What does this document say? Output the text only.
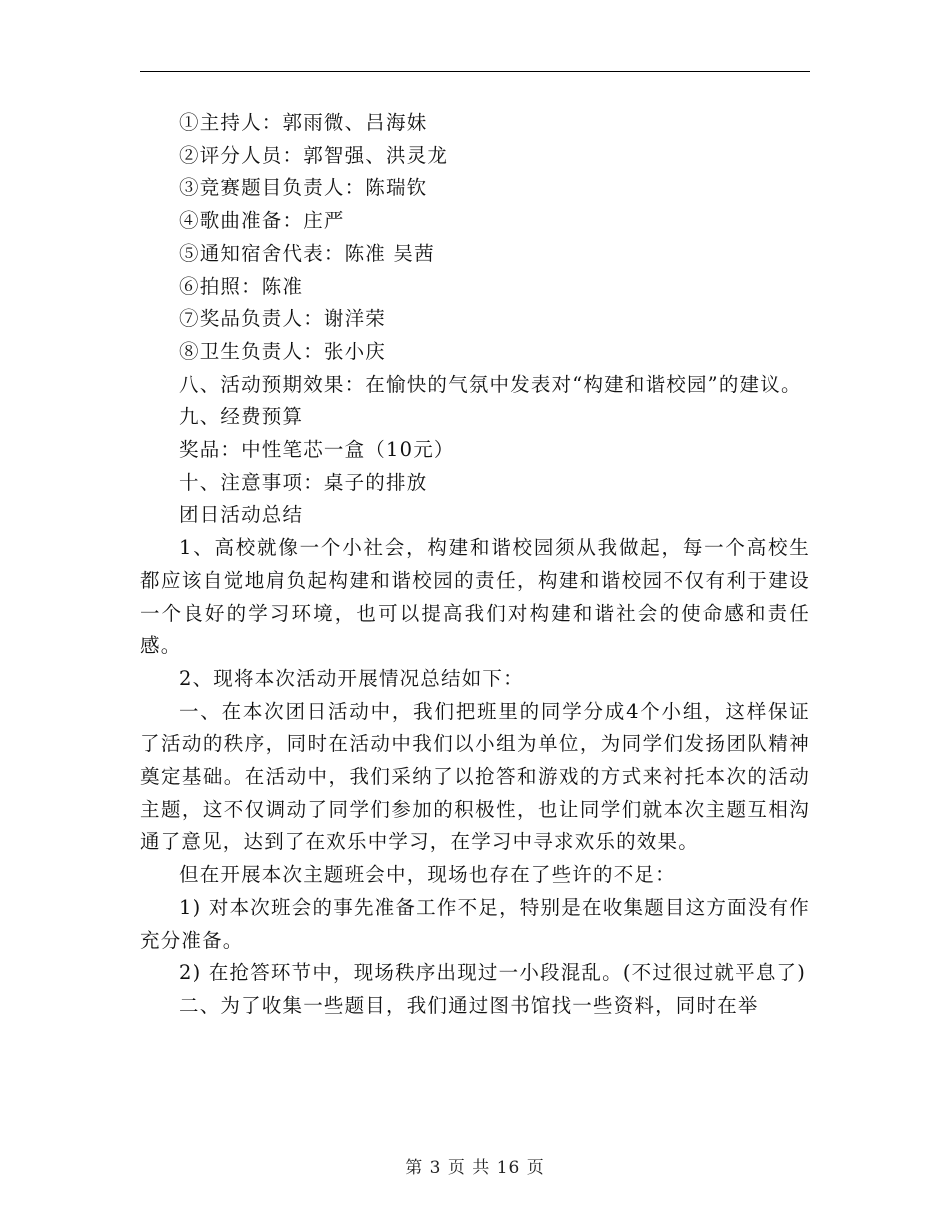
①主持人：郭雨微、吕海妹

②评分人员：郭智强、洪灵龙

③竞赛题目负责人：陈瑞钦

④歌曲准备：庄严

⑤通知宿舍代表：陈准 吴茜

⑥拍照：陈准

⑦奖品负责人：谢洋荣

⑧卫生负责人：张小庆

八、活动预期效果：在愉快的气氛中发表对“构建和谐校园”的建议。

九、经费预算

奖品：中性笔芯一盒（10元）

十、注意事项：桌子的排放

团日活动总结

1、高校就像一个小社会，构建和谐校园须从我做起，每一个高校生都应该自觉地肩负起构建和谐校园的责任，构建和谐校园不仅有利于建设一个良好的学习环境，也可以提高我们对构建和谐社会的使命感和责任感。

2、现将本次活动开展情况总结如下：

一、在本次团日活动中，我们把班里的同学分成4个小组，这样保证了活动的秩序，同时在活动中我们以小组为单位，为同学们发扬团队精神奠定基础。在活动中，我们采纳了以抢答和游戏的方式来衬托本次的活动主题，这不仅调动了同学们参加的积极性，也让同学们就本次主题互相沟通了意见，达到了在欢乐中学习，在学习中寻求欢乐的效果。

但在开展本次主题班会中，现场也存在了些许的不足：

1) 对本次班会的事先准备工作不足，特别是在收集题目这方面没有作充分准备。

2) 在抢答环节中，现场秩序出现过一小段混乱。(不过很过就平息了)

二、为了收集一些题目，我们通过图书馆找一些资料，同时在举

第 3 页 共 16 页
